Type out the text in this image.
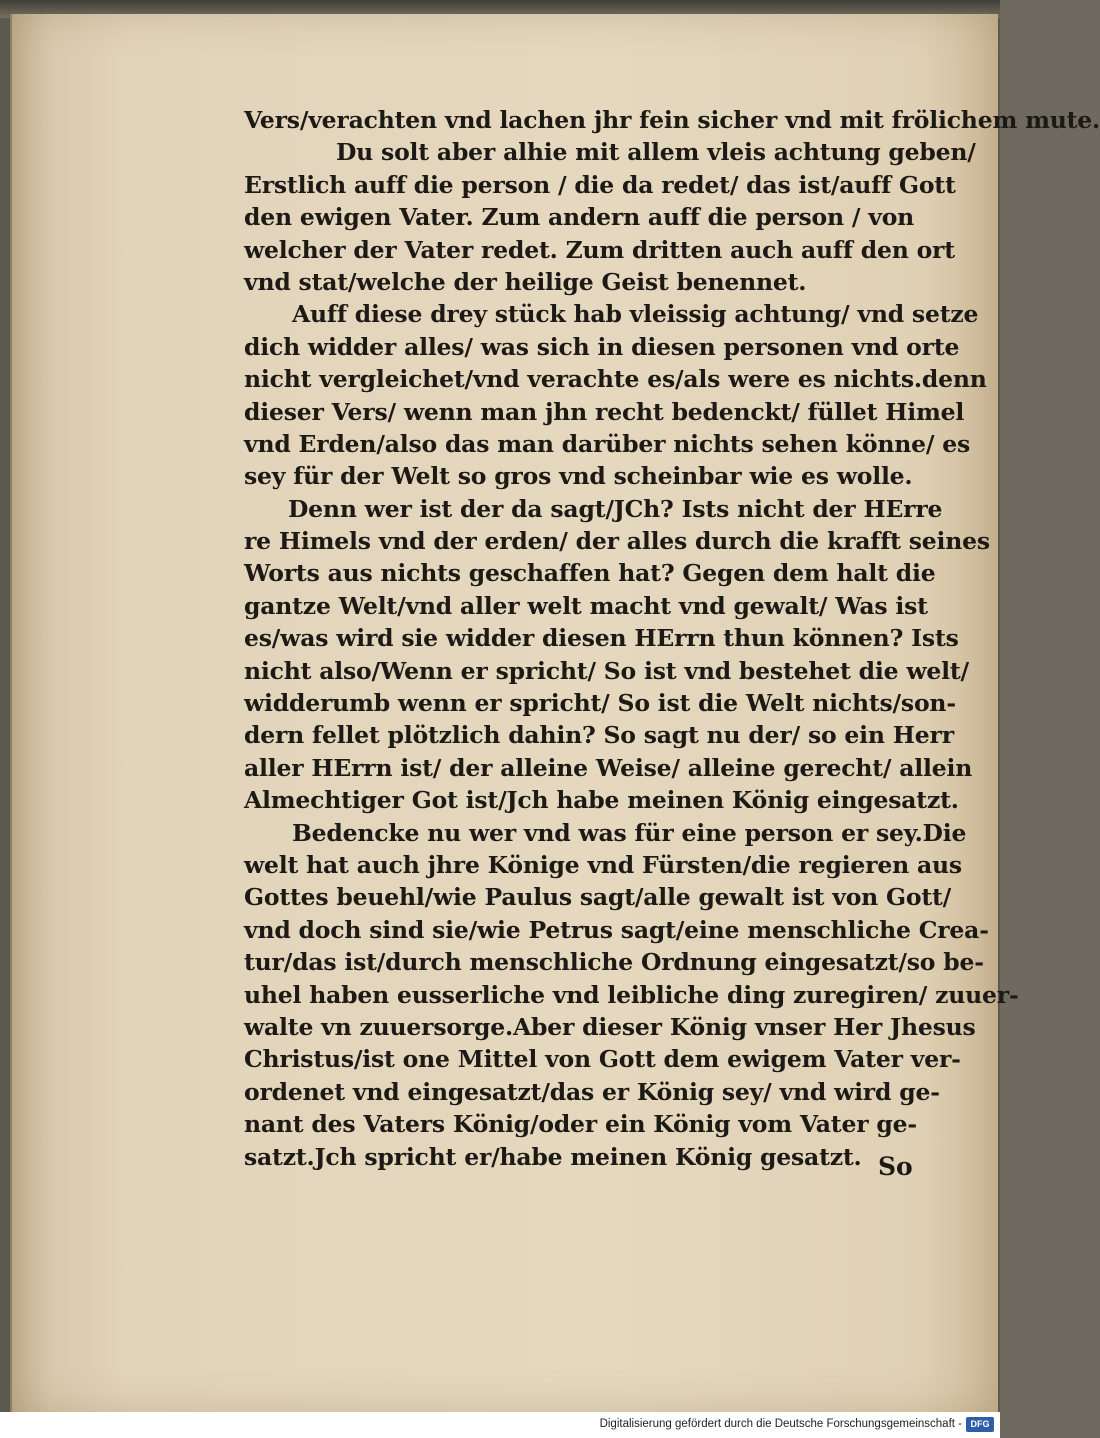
Vers/verachten vnd lachen jhr fein sicher vnd mit frölichem mute.
Du solt aber alhie mit allem vleis achtung geben/
Erstlich auff die person / die da redet/ das ist/auff Gott
den ewigen Vater. Zum andern auff die person / von
welcher der Vater redet. Zum dritten auch auff den ort
vnd stat/welche der heilige Geist benennet.
Auff diese drey stück hab vleissig achtung/ vnd setze
dich widder alles/ was sich in diesen personen vnd orte
nicht vergleichet/vnd verachte es/als were es nichts.denn
dieser Vers/ wenn man jhn recht bedenckt/ füllet Himel
vnd Erden/also das man darüber nichts sehen könne/ es
sey für der Welt so gros vnd scheinbar wie es wolle.
Denn wer ist der da sagt/JCh? Ists nicht der HErre
re Himels vnd der erden/ der alles durch die krafft seines
Worts aus nichts geschaffen hat? Gegen dem halt die
gantze Welt/vnd aller welt macht vnd gewalt/ Was ist
es/was wird sie widder diesen HErrn thun können? Ists
nicht also/Wenn er spricht/ So ist vnd bestehet die welt/
widderumb wenn er spricht/ So ist die Welt nichts/son-
dern fellet plötzlich dahin? So sagt nu der/ so ein Herr
aller HErrn ist/ der alleine Weise/ alleine gerecht/ allein
Almechtiger Got ist/Jch habe meinen König eingesatzt.
Bedencke nu wer vnd was für eine person er sey.Die
welt hat auch jhre Könige vnd Fürsten/die regieren aus
Gottes beuehl/wie Paulus sagt/alle gewalt ist von Gott/
vnd doch sind sie/wie Petrus sagt/eine menschliche Crea-
tur/das ist/durch menschliche Ordnung eingesatzt/so be-
uhel haben eusserliche vnd leibliche ding zuregiren/ zuuer-
walte vn zuuersorge.Aber dieser König vnser Her Jhesus
Christus/ist one Mittel von Gott dem ewigem Vater ver-
ordenet vnd eingesatzt/das er König sey/ vnd wird ge-
nant des Vaters König/oder ein König vom Vater ge-
satzt.Jch spricht er/habe meinen König gesatzt. So
Digitalisierung gefördert durch die Deutsche Forschungsgemeinschaft - DFG
